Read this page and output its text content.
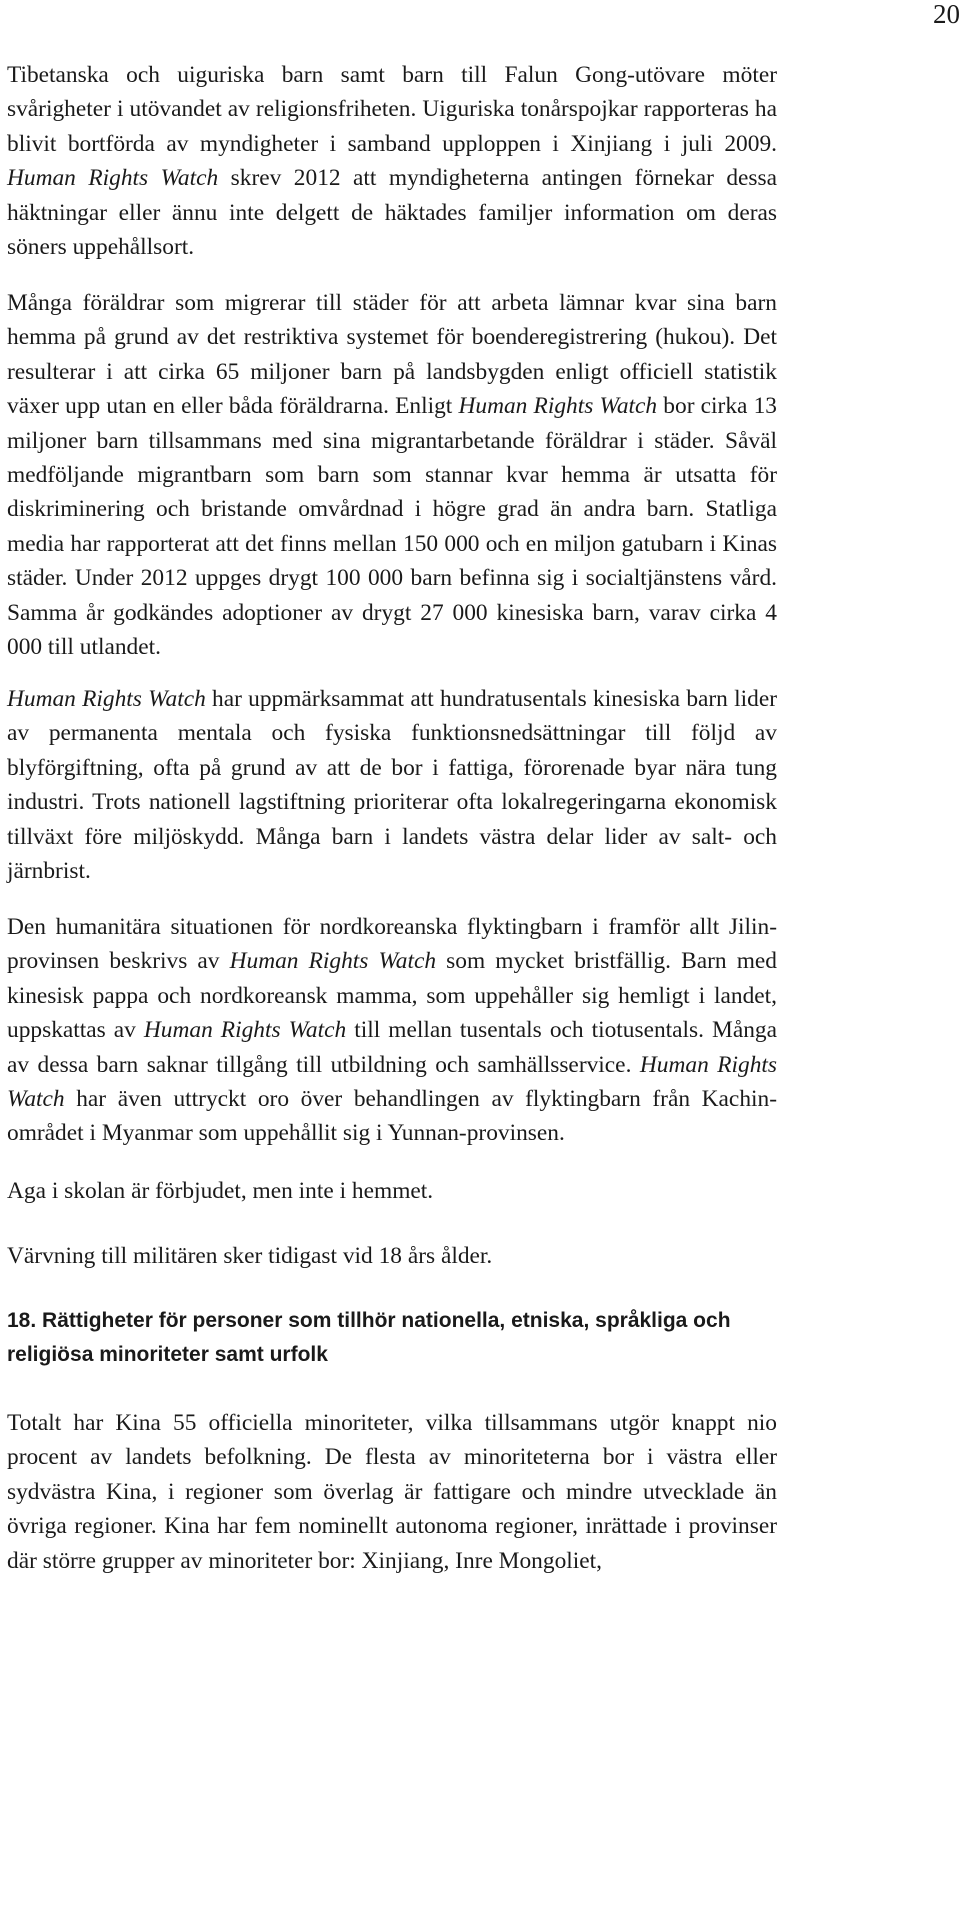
20

Tibetanska och uiguriska barn samt barn till Falun Gong-utövare möter svårigheter i utövandet av religionsfriheten. Uiguriska tonårspojkar rapporteras ha blivit bortförda av myndigheter i samband upploppen i Xinjiang i juli 2009. Human Rights Watch skrev 2012 att myndigheterna antingen förnekar dessa häktningar eller ännu inte delgett de häktades familjer information om deras söners uppehållsort.

Många föräldrar som migrerar till städer för att arbeta lämnar kvar sina barn hemma på grund av det restriktiva systemet för boenderegistrering (hukou). Det resulterar i att cirka 65 miljoner barn på landsbygden enligt officiell statistik växer upp utan en eller båda föräldrarna. Enligt Human Rights Watch bor cirka 13 miljoner barn tillsammans med sina migrantarbetande föräldrar i städer. Såväl medföljande migrantbarn som barn som stannar kvar hemma är utsatta för diskriminering och bristande omvårdnad i högre grad än andra barn. Statliga media har rapporterat att det finns mellan 150 000 och en miljon gatubarn i Kinas städer. Under 2012 uppges drygt 100 000 barn befinna sig i socialtjänstens vård. Samma år godkändes adoptioner av drygt 27 000 kinesiska barn, varav cirka 4 000 till utlandet.

Human Rights Watch har uppmärksammat att hundratusentals kinesiska barn lider av permanenta mentala och fysiska funktionsnedsättningar till följd av blyförgiftning, ofta på grund av att de bor i fattiga, förorenade byar nära tung industri. Trots nationell lagstiftning prioriterar ofta lokalregeringarna ekonomisk tillväxt före miljöskydd. Många barn i landets västra delar lider av salt- och järnbrist.

Den humanitära situationen för nordkoreanska flyktingbarn i framför allt Jilin-provinsen beskrivs av Human Rights Watch som mycket bristfällig. Barn med kinesisk pappa och nordkoreansk mamma, som uppehåller sig hemligt i landet, uppskattas av Human Rights Watch till mellan tusentals och tiotusentals. Många av dessa barn saknar tillgång till utbildning och samhällsservice. Human Rights Watch har även uttryckt oro över behandlingen av flyktingbarn från Kachin-området i Myanmar som uppehållit sig i Yunnan-provinsen.

Aga i skolan är förbjudet, men inte i hemmet.

Värvning till militären sker tidigast vid 18 års ålder.

18. Rättigheter för personer som tillhör nationella, etniska, språkliga och religiösa minoriteter samt urfolk

Totalt har Kina 55 officiella minoriteter, vilka tillsammans utgör knappt nio procent av landets befolkning. De flesta av minoriteterna bor i västra eller sydvästra Kina, i regioner som överlag är fattigare och mindre utvecklade än övriga regioner. Kina har fem nominellt autonoma regioner, inrättade i provinser där större grupper av minoriteter bor: Xinjiang, Inre Mongoliet,
